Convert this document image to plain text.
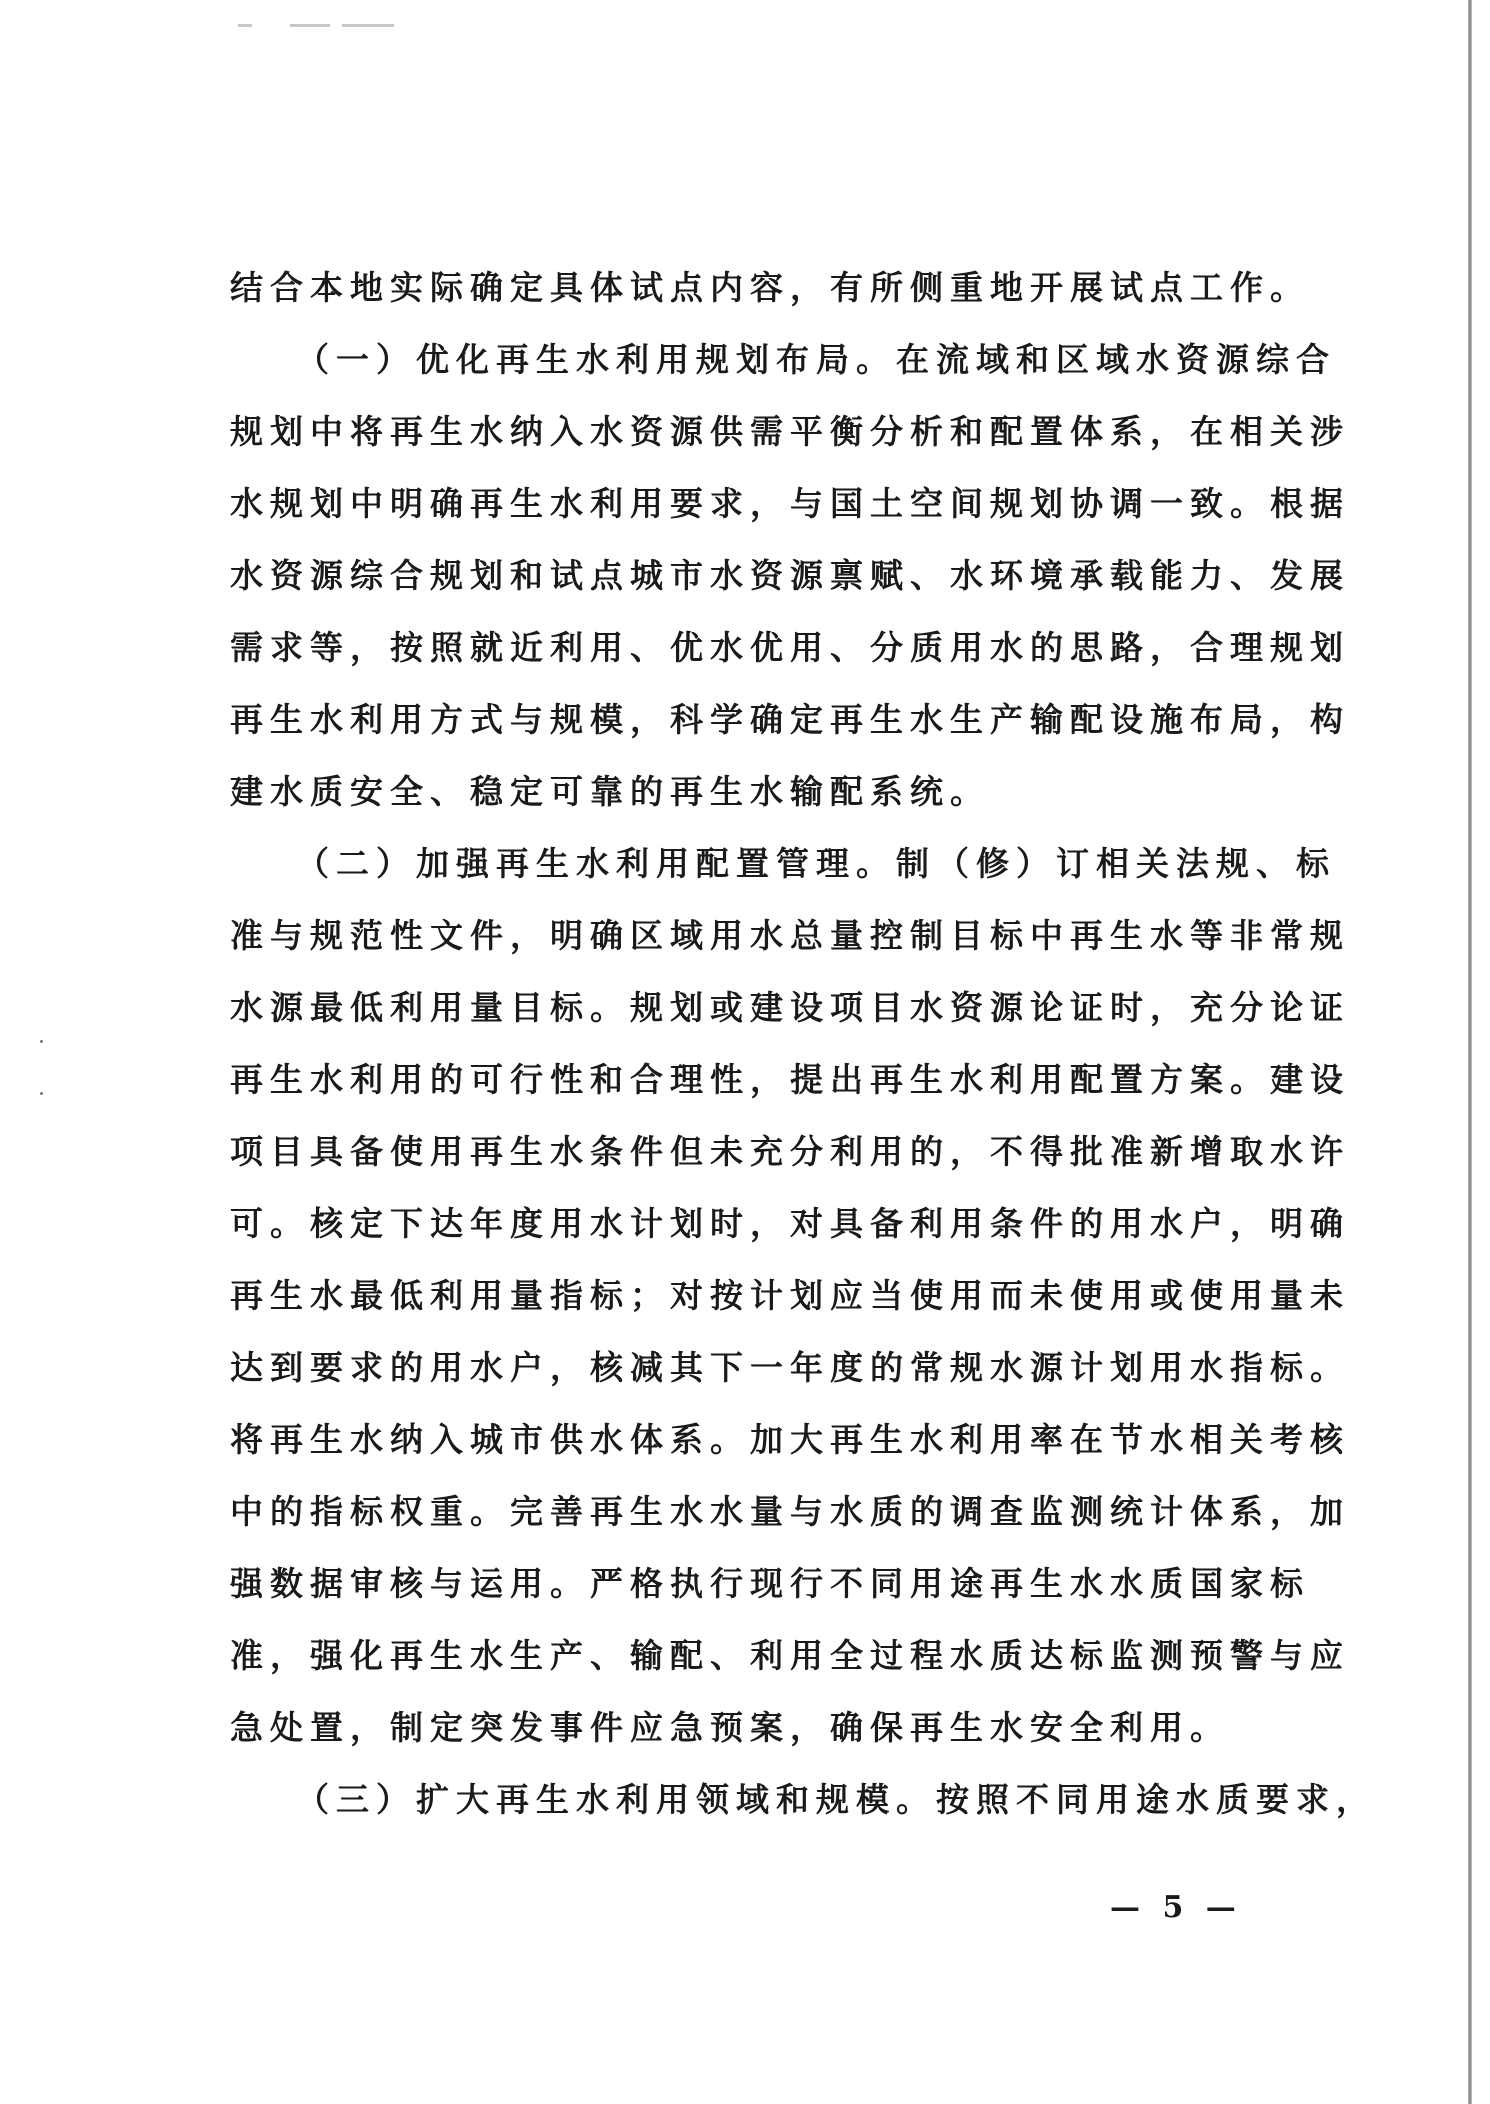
结合本地实际确定具体试点内容，有所侧重地开展试点工作。
（一）优化再生水利用规划布局。在流域和区域水资源综合
规划中将再生水纳入水资源供需平衡分析和配置体系，在相关涉
水规划中明确再生水利用要求，与国土空间规划协调一致。根据
水资源综合规划和试点城市水资源禀赋、水环境承载能力、发展
需求等，按照就近利用、优水优用、分质用水的思路，合理规划
再生水利用方式与规模，科学确定再生水生产输配设施布局，构
建水质安全、稳定可靠的再生水输配系统。
（二）加强再生水利用配置管理。制（修）订相关法规、标
准与规范性文件，明确区域用水总量控制目标中再生水等非常规
水源最低利用量目标。规划或建设项目水资源论证时，充分论证
再生水利用的可行性和合理性，提出再生水利用配置方案。建设
项目具备使用再生水条件但未充分利用的，不得批准新增取水许
可。核定下达年度用水计划时，对具备利用条件的用水户，明确
再生水最低利用量指标；对按计划应当使用而未使用或使用量未
达到要求的用水户，核减其下一年度的常规水源计划用水指标。
将再生水纳入城市供水体系。加大再生水利用率在节水相关考核
中的指标权重。完善再生水水量与水质的调查监测统计体系，加
强数据审核与运用。严格执行现行不同用途再生水水质国家标
准，强化再生水生产、输配、利用全过程水质达标监测预警与应
急处置，制定突发事件应急预案，确保再生水安全利用。
（三）扩大再生水利用领域和规模。按照不同用途水质要求，
— 5 —
